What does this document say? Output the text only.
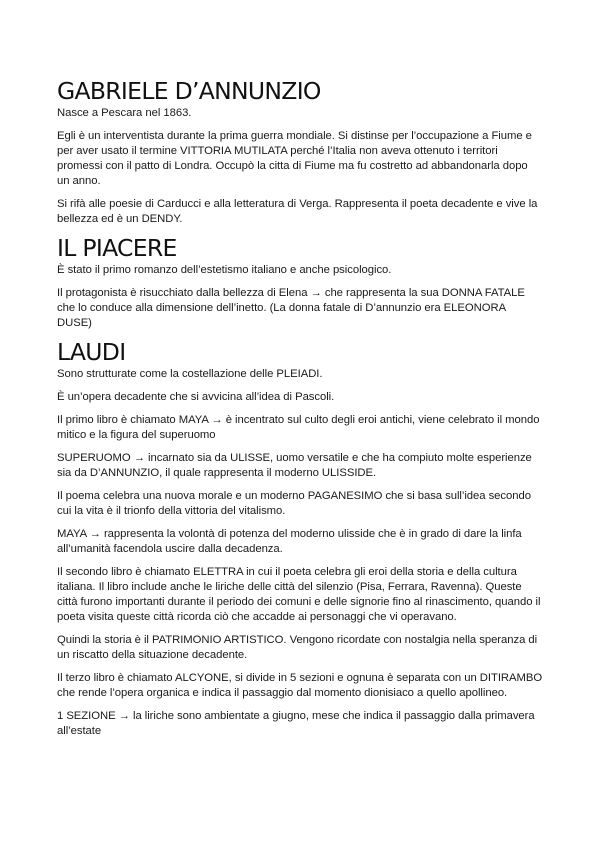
GABRIELE D’ANNUNZIO

Nasce a Pescara nel 1863.

Egli è un interventista durante la prima guerra mondiale. Si distinse per l’occupazione a Fiume e per aver usato il termine VITTORIA MUTILATA perché l’Italia non aveva ottenuto i territori promessi con il patto di Londra. Occupò la citta di Fiume ma fu costretto ad abbandonarla dopo un anno.

Si rifà alle poesie di Carducci e alla letteratura di Verga. Rappresenta il poeta decadente e vive la bellezza ed è un DENDY.

IL PIACERE

È stato il primo romanzo dell’estetismo italiano e anche psicologico.

Il protagonista è risucchiato dalla bellezza di Elena → che rappresenta la sua DONNA FATALE che lo conduce alla dimensione dell’inetto. (La donna fatale di D’annunzio era ELEONORA DUSE)

LAUDI

Sono strutturate come la costellazione delle PLEIADI.

È un’opera decadente che si avvicina all’idea di Pascoli.

Il primo libro è chiamato MAYA → è incentrato sul culto degli eroi antichi, viene celebrato il mondo mitico e la figura del superuomo

SUPERUOMO → incarnato sia da ULISSE, uomo versatile e che ha compiuto molte esperienze sia da D’ANNUNZIO, il quale rappresenta il moderno ULISSIDE.

Il poema celebra una nuova morale e un moderno PAGANESIMO che si basa sull’idea secondo cui la vita è il trionfo della vittoria del vitalismo.

MAYA → rappresenta la volontà di potenza del moderno ulisside che è in grado di dare la linfa all’umanità facendola uscire dalla decadenza.

Il secondo libro è chiamato ELETTRA in cui il poeta celebra gli eroi della storia e della cultura italiana. Il libro include anche le liriche delle città del silenzio (Pisa, Ferrara, Ravenna). Queste città furono importanti durante il periodo dei comuni e delle signorie fino al rinascimento, quando il poeta visita queste città ricorda ciò che accadde ai personaggi che vi operavano.

Quindi la storia è il PATRIMONIO ARTISTICO. Vengono ricordate con nostalgia nella speranza di un riscatto della situazione decadente.

Il terzo libro è chiamato ALCYONE, si divide in 5 sezioni e ognuna è separata con un DITIRAMBO che rende l’opera organica e indica il passaggio dal momento dionisiaco a quello apollineo.

1 SEZIONE → la liriche sono ambientate a giugno, mese che indica il passaggio dalla primavera all’estate
